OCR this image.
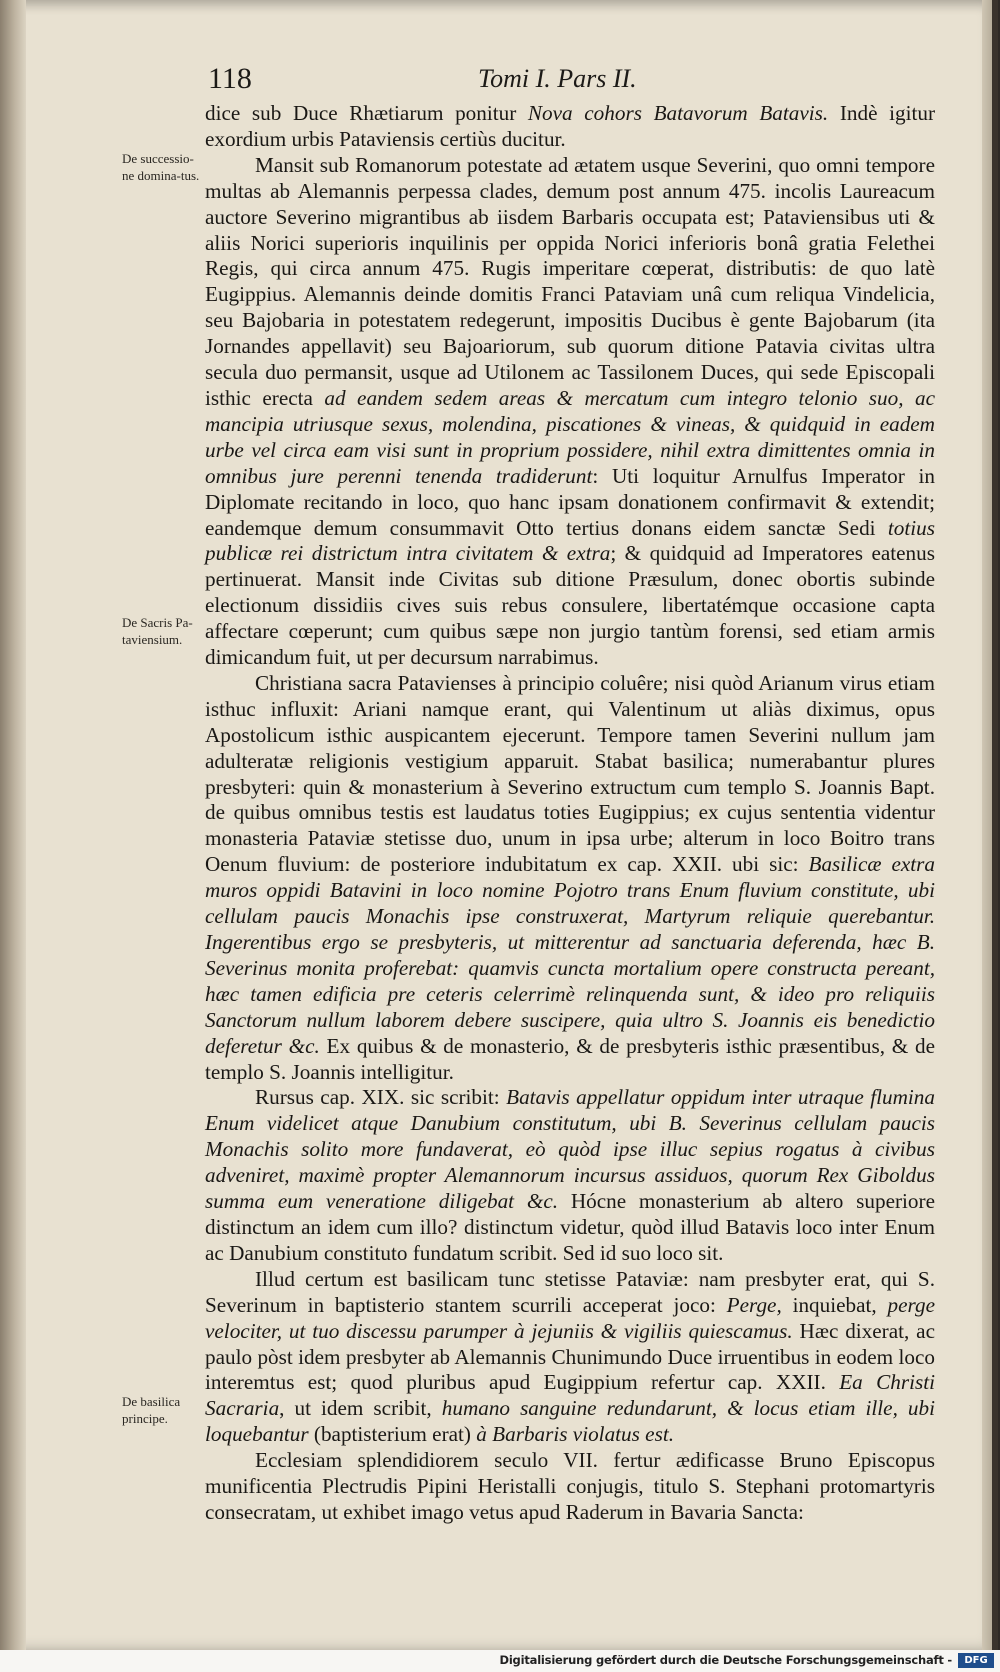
118	Tomi I. Pars II.
De successio-ne domina-tus.
De Sacris Pa-taviensium.
De basilica principe.

dice sub Duce Rhætiarum ponitur Nova cohors Batavorum Batavis. Indè igitur exordium urbis Pataviensis certiùs ducitur.

Mansit sub Romanorum potestate ad ætatem usque Severini, quo omni tempore multas ab Alemannis perpessa clades, demum post annum 475. incolis Laureacum auctore Severino migrantibus ab iisdem Barbaris occupata est; Pataviensibus uti & aliis Norici superioris inquilinis per oppida Norici inferioris bonâ gratia Felethei Regis, qui circa annum 475. Rugis imperitare cœperat, distributis: de quo latè Eugippius. Alemannis deinde domitis Franci Pataviam unâ cum reliqua Vindelicia, seu Bajobaria in potestatem redegerunt, impositis Ducibus è gente Bajobarum (ita Jornandes appellavit) seu Bajoariorum, sub quorum ditione Patavia civitas ultra secula duo permansit, usque ad Utilonem ac Tassilonem Duces, qui sede Episcopali isthic erecta ad eandem sedem areas & mercatum cum integro telonio suo, ac mancipia utriusque sexus, molendina, piscationes & vineas, & quidquid in eadem urbe vel circa eam visi sunt in proprium possidere, nihil extra dimittentes omnia in omnibus jure perenni tenenda tradiderunt: Uti loquitur Arnulfus Imperator in Diplomate recitando in loco, quo hanc ipsam donationem confirmavit & extendit; eandemque demum consummavit Otto tertius donans eidem sanctæ Sedi totius publicæ rei districtum intra civitatem & extra; & quidquid ad Imperatores eatenus pertinuerat. Mansit inde Civitas sub ditione Præsulum, donec obortis subinde electionum dissidiis cives suis rebus consulere, libertatémque occasione capta affectare cœperunt; cum quibus sæpe non jurgio tantùm forensi, sed etiam armis dimicandum fuit, ut per decursum narrabimus.

Christiana sacra Patavienses à principio coluêre; nisi quòd Arianum virus etiam isthuc influxit: Ariani namque erant, qui Valentinum ut aliàs diximus, opus Apostolicum isthic auspicantem ejecerunt. Tempore tamen Severini nullum jam adulteratæ religionis vestigium apparuit. Stabat basilica; numerabantur plures presbyteri: quin & monasterium à Severino extructum cum templo S. Joannis Bapt. de quibus omnibus testis est laudatus toties Eugippius; ex cujus sententia videntur monasteria Pataviæ stetisse duo, unum in ipsa urbe; alterum in loco Boitro trans Oenum fluvium: de posteriore indubitatum ex cap. XXII. ubi sic: Basilicæ extra muros oppidi Batavini in loco nomine Pojotro trans Enum fluvium constitute, ubi cellulam paucis Monachis ipse construxerat, Martyrum reliquie querebantur. Ingerentibus ergo se presbyteris, ut mitterentur ad sanctuaria deferenda, hæc B. Severinus monita proferebat: quamvis cuncta mortalium opere constructa pereant, hæc tamen edificia pre ceteris celerrimè relinquenda sunt, & ideo pro reliquiis Sanctorum nullum laborem debere suscipere, quia ultro S. Joannis eis benedictio deferetur &c. Ex quibus & de monasterio, & de presbyteris isthic præsentibus, & de templo S. Joannis intelligitur.

Rursus cap. XIX. sic scribit: Batavis appellatur oppidum inter utraque flumina Enum videlicet atque Danubium constitutum, ubi B. Severinus cellulam paucis Monachis solito more fundaverat, eò quòd ipse illuc sepius rogatus à civibus adveniret, maximè propter Alemannorum incursus assiduos, quorum Rex Giboldus summa eum veneratione diligebat &c. Hócne monasterium ab altero superiore distinctum an idem cum illo? distinctum videtur, quòd illud Batavis loco inter Enum ac Danubium constituto fundatum scribit. Sed id suo loco sit.

Illud certum est basilicam tunc stetisse Pataviæ: nam presbyter erat, qui S. Severinum in baptisterio stantem scurrili acceperat joco: Perge, inquiebat, perge velociter, ut tuo discessu parumper à jejuniis & vigiliis quiescamus. Hæc dixerat, ac paulo pòst idem presbyter ab Alemannis Chunimundo Duce irruentibus in eodem loco interemtus est; quod pluribus apud Eugippium refertur cap. XXII. Ea Christi Sacraria, ut idem scribit, humano sanguine redundarunt, & locus etiam ille, ubi loquebantur (baptisterium erat) à Barbaris violatus est.

Ecclesiam splendidiorem seculo VII. fertur ædificasse Bruno Episcopus munificentia Plectrudis Pipini Heristalli conjugis, titulo S. Stephani protomartyris consecratam, ut exhibet imago vetus apud Raderum in Bavaria Sancta:

Digitalisierung gefördert durch die Deutsche Forschungsgemeinschaft -	DFG
